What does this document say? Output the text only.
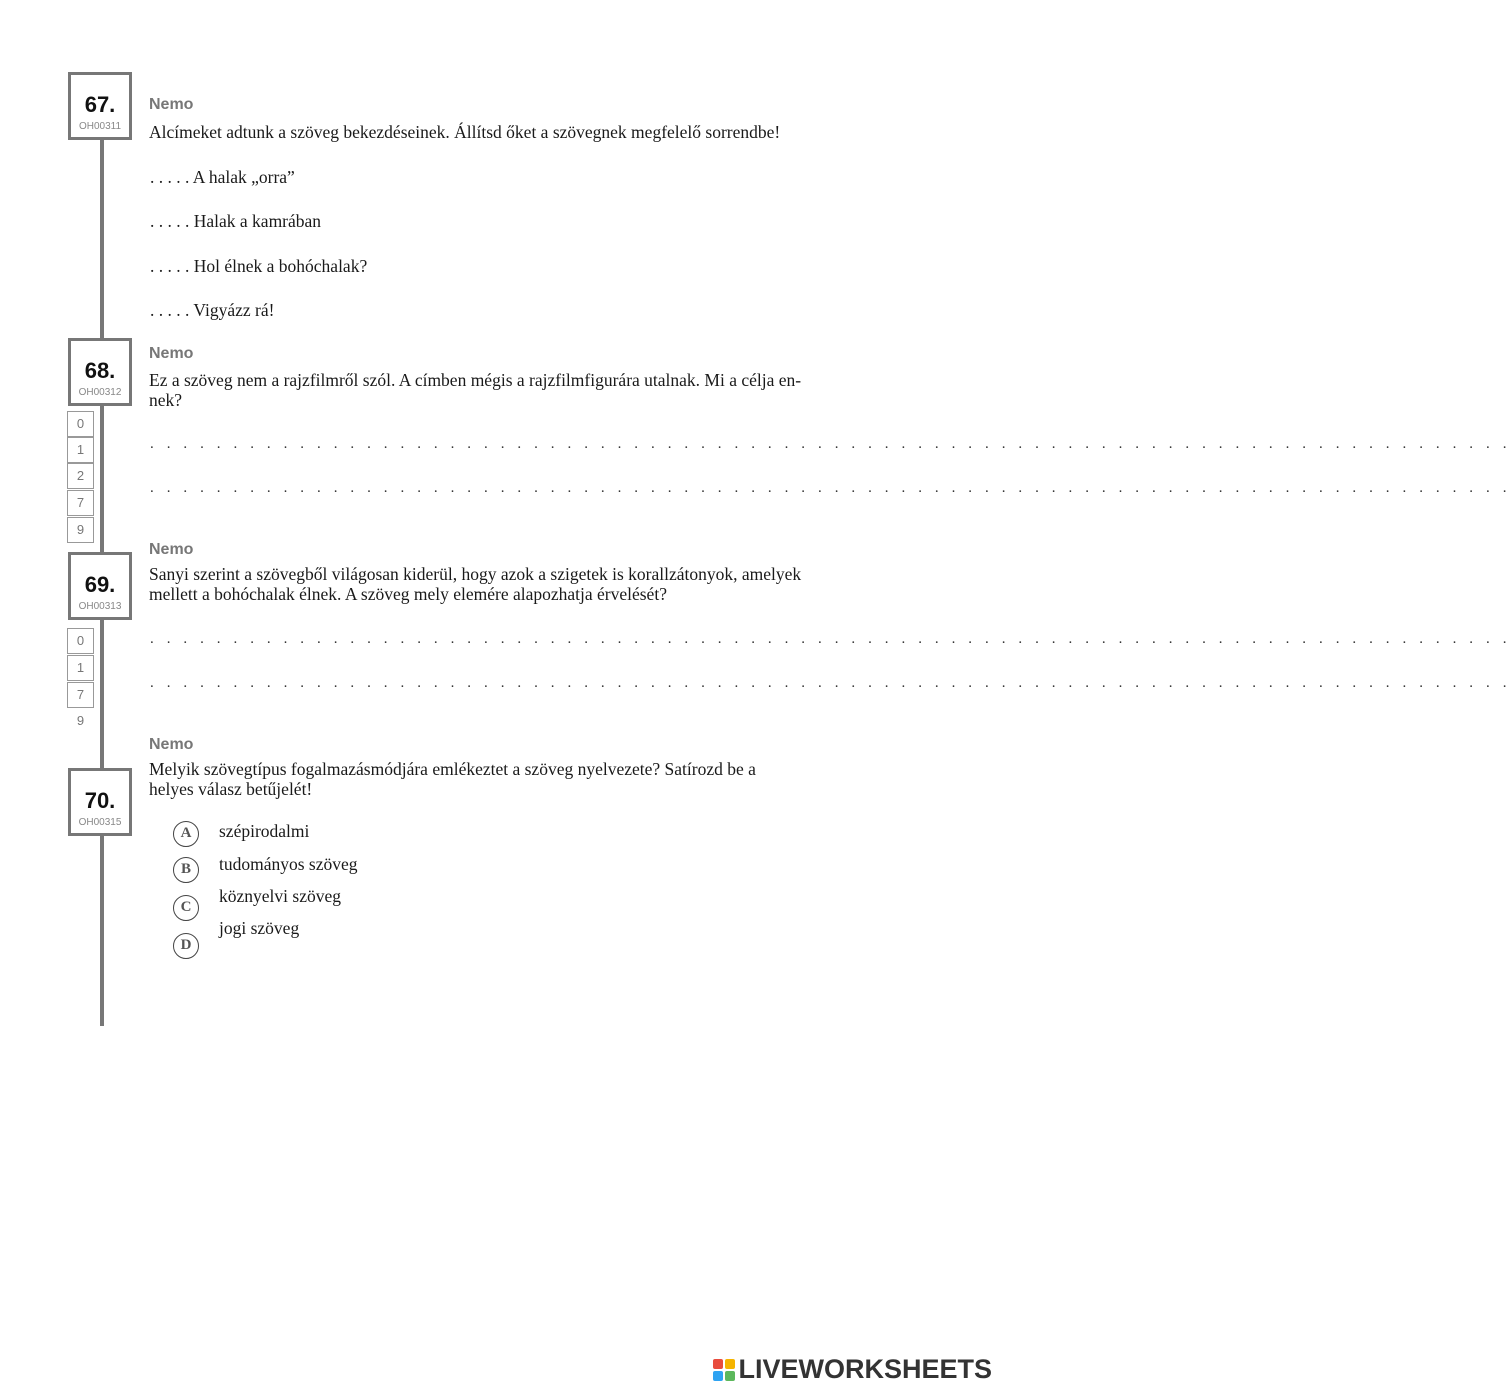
67.
OH00311
Nemo
Alcímeket adtunk a szöveg bekezdéseinek. Állítsd őket a szövegnek megfelelő sorrendbe!
. . . . . A halak „orra”
. . . . . Halak a kamrában
. . . . . Hol élnek a bohóchalak?
. . . . . Vigyázz rá!
68.
OH00312
Nemo
Ez a szöveg nem a rajzfilmről szól. A címben mégis a rajzfilmfigurára utalnak. Mi a célja en-
nek?
0
1
2
7
9
. . . . . . . . . . . . . . . . . . . . . . . . . . . . . . . . . . . . . . . . . . . . . . . . . . . . . . . . . . . . . . . . . . . . . . . . . . . . . . . . . .
. . . . . . . . . . . . . . . . . . . . . . . . . . . . . . . . . . . . . . . . . . . . . . . . . . . . . . . . . . . . . . . . . . . . . . . . . . . . . . . . . .
Nemo
Sanyi szerint a szövegből világosan kiderül, hogy azok a szigetek is korallzátonyok, amelyek
mellett a bohóchalak élnek. A szöveg mely elemére alapozhatja érvelését?
69.
OH00313
0
1
7
9
. . . . . . . . . . . . . . . . . . . . . . . . . . . . . . . . . . . . . . . . . . . . . . . . . . . . . . . . . . . . . . . . . . . . . . . . . . . . . . . . . .
. . . . . . . . . . . . . . . . . . . . . . . . . . . . . . . . . . . . . . . . . . . . . . . . . . . . . . . . . . . . . . . . . . . . . . . . . . . . . . . . . .
Nemo
Melyik szövegtípus fogalmazásmódjára emlékeztet a szöveg nyelvezete? Satírozd be a
helyes válasz betűjelét!
70.
OH00315
A	szépirodalmi
B	tudományos szöveg
C
köznyelvi szöveg
D
jogi szöveg
LIVEWORKSHEETS
